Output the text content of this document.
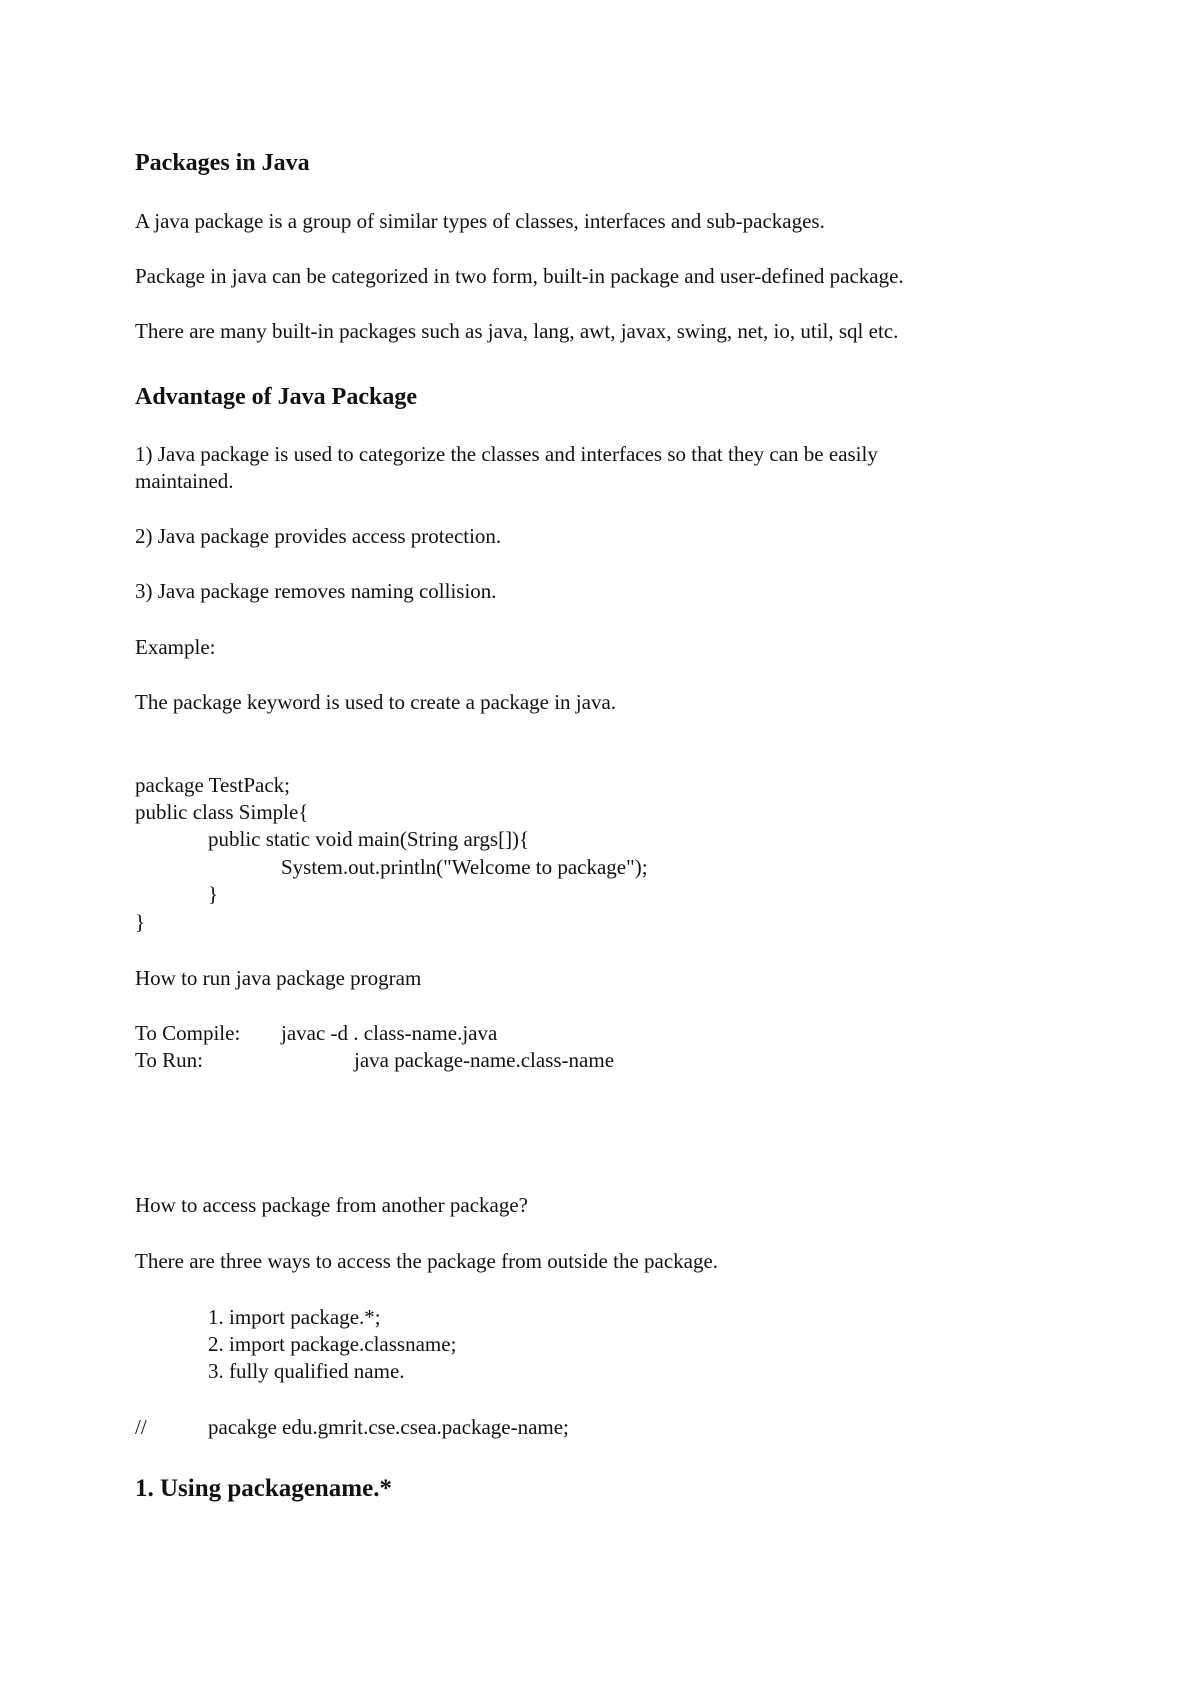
Packages in Java
A java package is a group of similar types of classes, interfaces and sub-packages.
Package in java can be categorized in two form, built-in package and user-defined package.
There are many built-in packages such as java, lang, awt, javax, swing, net, io, util, sql etc.
Advantage of Java Package
1) Java package is used to categorize the classes and interfaces so that they can be easily
maintained.
2) Java package provides access protection.
3) Java package removes naming collision.
Example:
The package keyword is used to create a package in java.
package TestPack;
public class Simple{
public static void main(String args[]){
System.out.println("Welcome to package");
}
}
How to run java package program
To Compile: javac -d . class-name.java
To Run:	java package-name.class-name
How to access package from another package?
There are three ways to access the package from outside the package.
1. import package.*;
2. import package.classname;
3. fully qualified name.
//	pacakge edu.gmrit.cse.csea.package-name;
1. Using packagename.*
